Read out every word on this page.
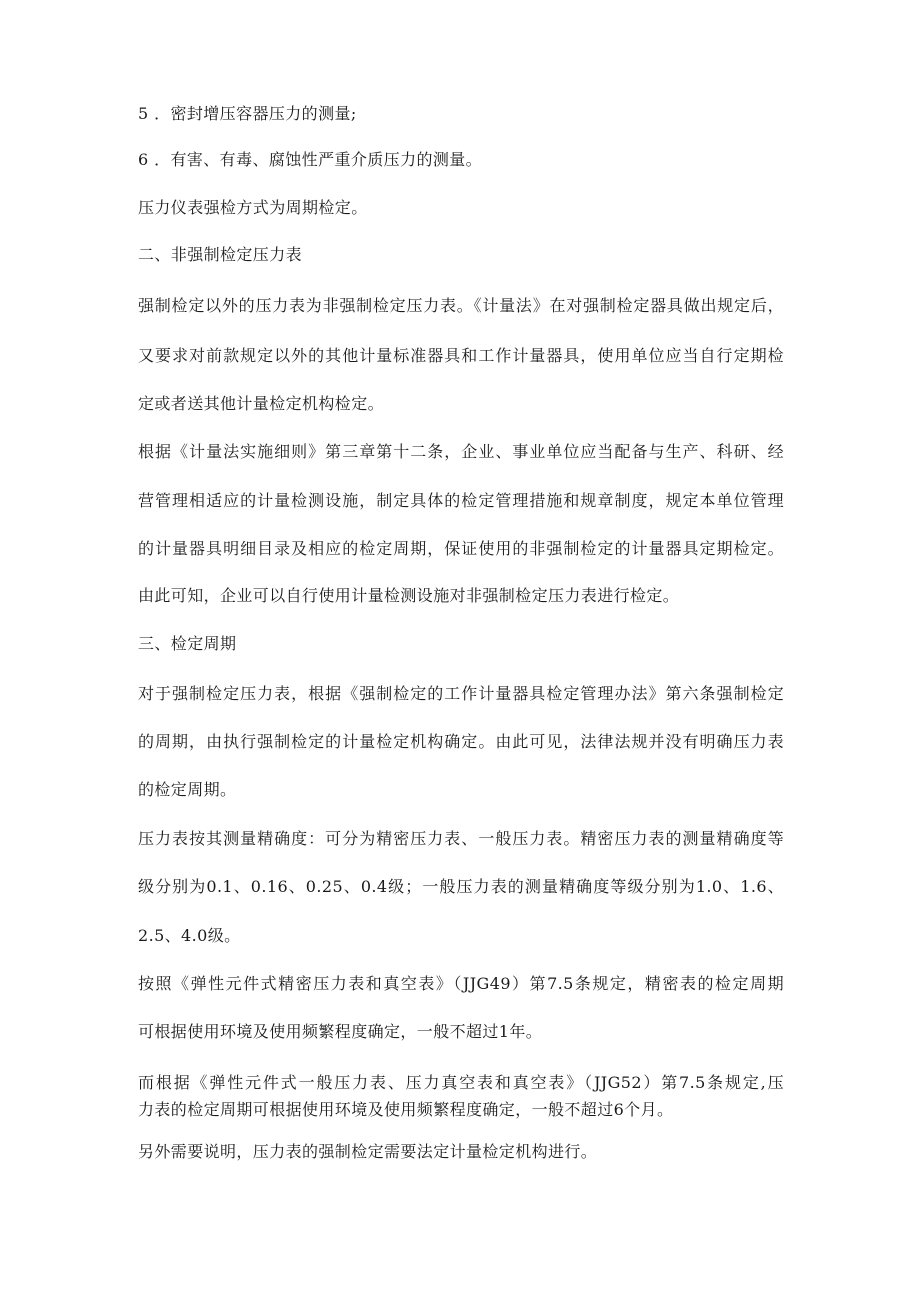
5 ．密封增压容器压力的测量;

6 ．有害、有毒、腐蚀性严重介质压力的测量。

压力仪表强检方式为周期检定。

二、非强制检定压力表

强制检定以外的压力表为非强制检定压力表。《计量法》在对强制检定器具做出规定后，

又要求对前款规定以外的其他计量标准器具和工作计量器具，使用单位应当自行定期检

定或者送其他计量检定机构检定。

根据《计量法实施细则》第三章第十二条，企业、事业单位应当配备与生产、科研、经

营管理相适应的计量检测设施，制定具体的检定管理措施和规章制度，规定本单位管理

的计量器具明细目录及相应的检定周期，保证使用的非强制检定的计量器具定期检定。

由此可知，企业可以自行使用计量检测设施对非强制检定压力表进行检定。

三、检定周期

对于强制检定压力表，根据《强制检定的工作计量器具检定管理办法》第六条强制检定

的周期，由执行强制检定的计量检定机构确定。由此可见，法律法规并没有明确压力表

的检定周期。

压力表按其测量精确度：可分为精密压力表、一般压力表。精密压力表的测量精确度等

级分别为0.1、0.16、0.25、0.4级；一般压力表的测量精确度等级分别为1.0、1.6、

2.5、4.0级。

按照《弹性元件式精密压力表和真空表》（JJG49）第7.5条规定，精密表的检定周期

可根据使用环境及使用频繁程度确定，一般不超过1年。

而根据《弹性元件式一般压力表、压力真空表和真空表》（JJG52）第7.5条规定,压

力表的检定周期可根据使用环境及使用频繁程度确定，一般不超过6个月。

另外需要说明，压力表的强制检定需要法定计量检定机构进行。
